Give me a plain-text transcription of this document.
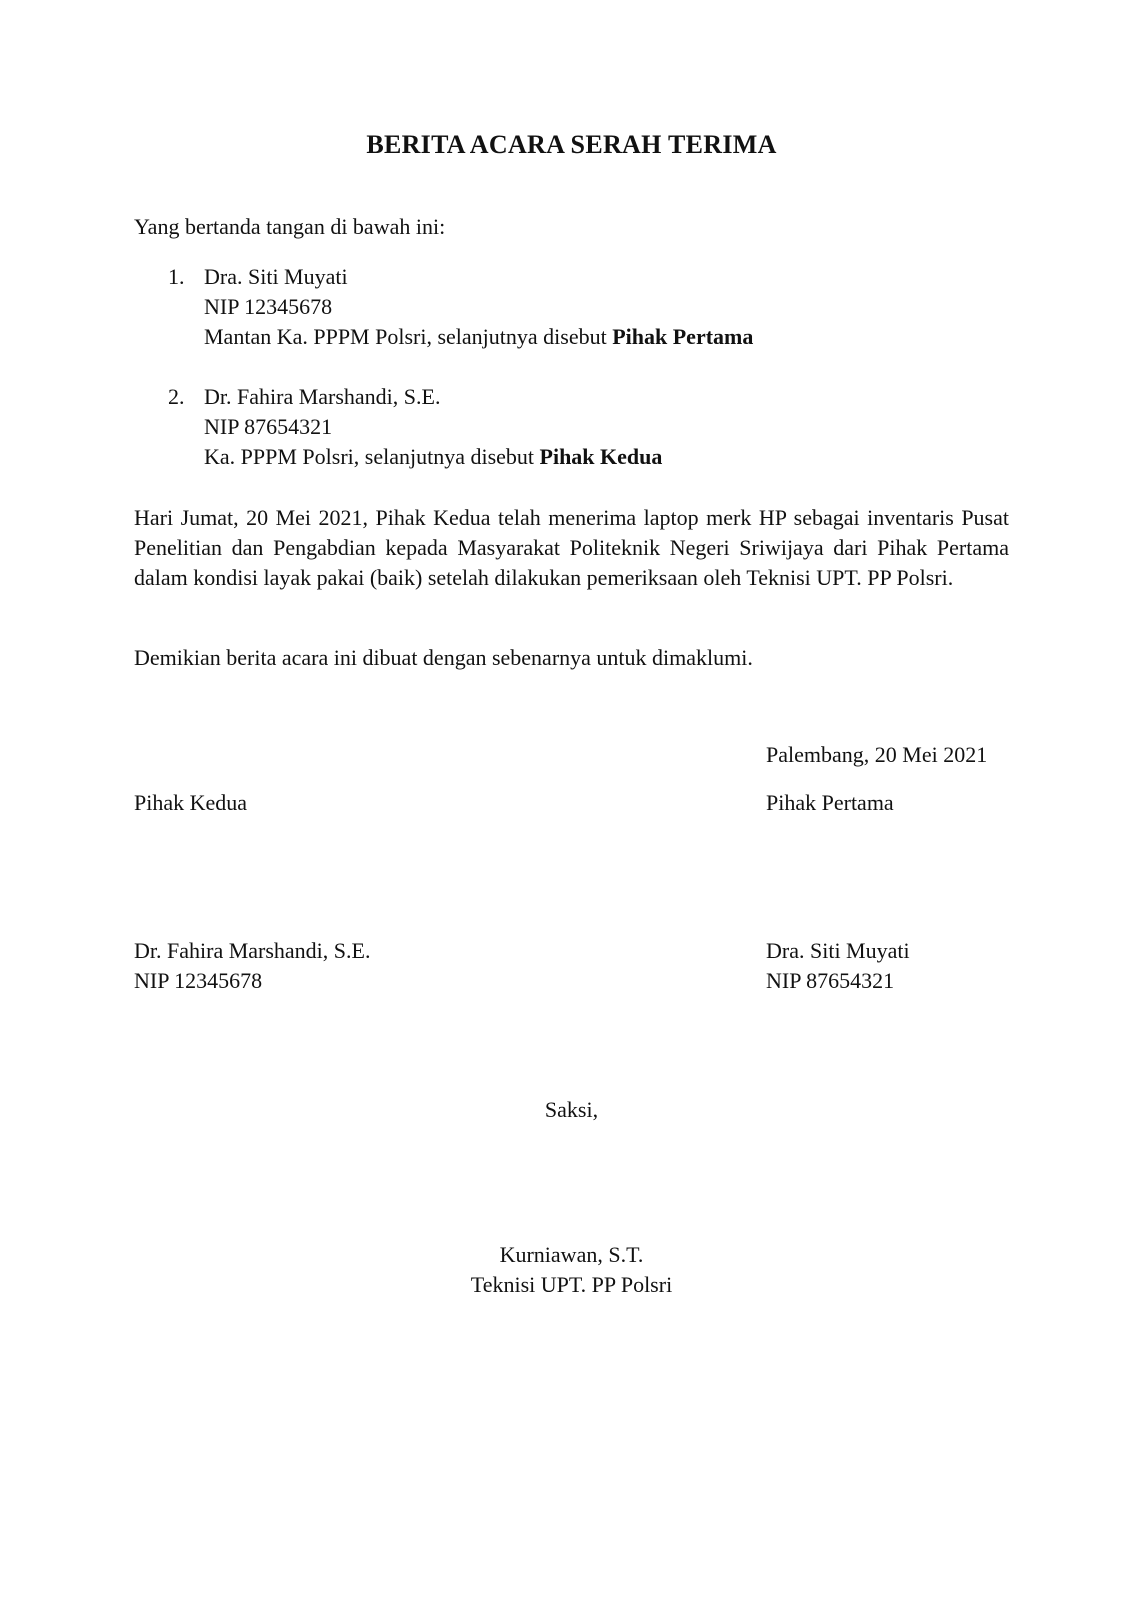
BERITA ACARA SERAH TERIMA
Yang bertanda tangan di bawah ini:
1. Dra. Siti Muyati
NIP 12345678
Mantan Ka. PPPM Polsri, selanjutnya disebut Pihak Pertama
2. Dr. Fahira Marshandi, S.E.
NIP 87654321
Ka. PPPM Polsri, selanjutnya disebut Pihak Kedua
Hari Jumat, 20 Mei 2021, Pihak Kedua telah menerima laptop merk HP sebagai inventaris Pusat Penelitian dan Pengabdian kepada Masyarakat Politeknik Negeri Sriwijaya dari Pihak Pertama dalam kondisi layak pakai (baik) setelah dilakukan pemeriksaan oleh Teknisi UPT. PP Polsri.
Demikian berita acara ini dibuat dengan sebenarnya untuk dimaklumi.
Palembang, 20 Mei 2021
Pihak Kedua	Pihak Pertama
Dr. Fahira Marshandi, S.E.
NIP 12345678
Dra. Siti Muyati
NIP 87654321
Saksi,
Kurniawan, S.T.
Teknisi UPT. PP Polsri
